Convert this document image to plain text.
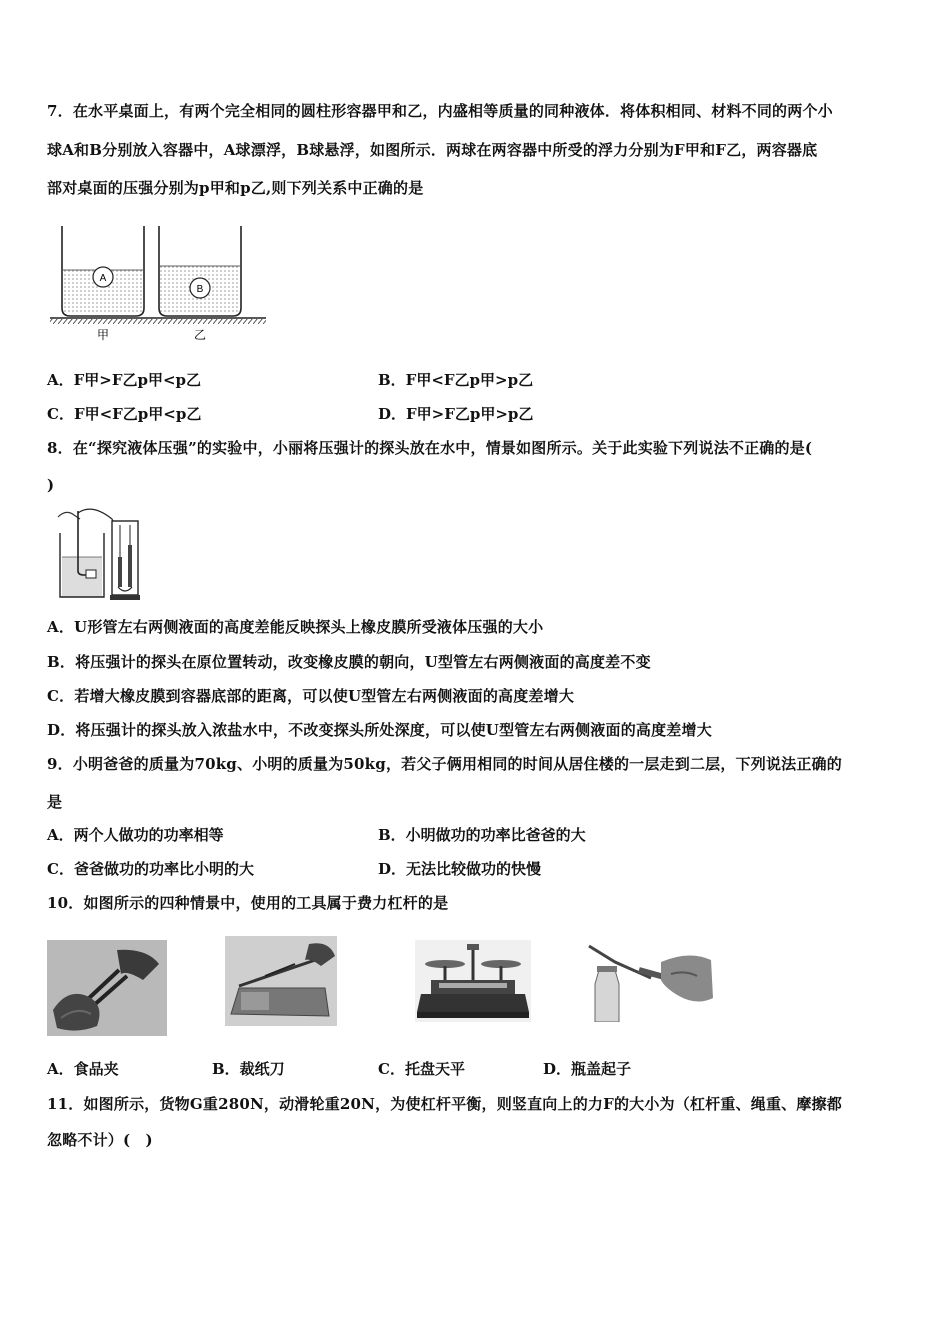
7．在水平桌面上，有两个完全相同的圆柱形容器甲和乙，内盛相等质量的同种液体．将体积相同、材料不同的两个小
球A和B分别放入容器中，A球漂浮，B球悬浮，如图所示．两球在两容器中所受的浮力分别为F甲和F乙，两容器底
部对桌面的压强分别为p甲和p乙,则下列关系中正确的是
A
B
甲	乙
A．F甲>F乙p甲<p乙	B．F甲<F乙p甲>p乙
C．F甲<F乙p甲<p乙	D．F甲>F乙p甲>p乙
8．在“探究液体压强”的实验中，小丽将压强计的探头放在水中，情景如图所示。关于此实验下列说法不正确的是(
)
A．U形管左右两侧液面的高度差能反映探头上橡皮膜所受液体压强的大小
B．将压强计的探头在原位置转动，改变橡皮膜的朝向，U型管左右两侧液面的高度差不变
C．若增大橡皮膜到容器底部的距离，可以使U型管左右两侧液面的高度差增大
D．将压强计的探头放入浓盐水中，不改变探头所处深度，可以使U型管左右两侧液面的高度差增大
9．小明爸爸的质量为70kg、小明的质量为50kg，若父子俩用相同的时间从居住楼的一层走到二层，下列说法正确的
是
A．两个人做功的功率相等	B．小明做功的功率比爸爸的大
C．爸爸做功的功率比小明的大	D．无法比较做功的快慢
10．如图所示的四种情景中，使用的工具属于费力杠杆的是
A．食品夹	B．裁纸刀	C．托盘天平	D．瓶盖起子
11．如图所示，货物G重280N，动滑轮重20N，为使杠杆平衡，则竖直向上的力F的大小为（杠杆重、绳重、摩擦都
忽略不计）(　)
